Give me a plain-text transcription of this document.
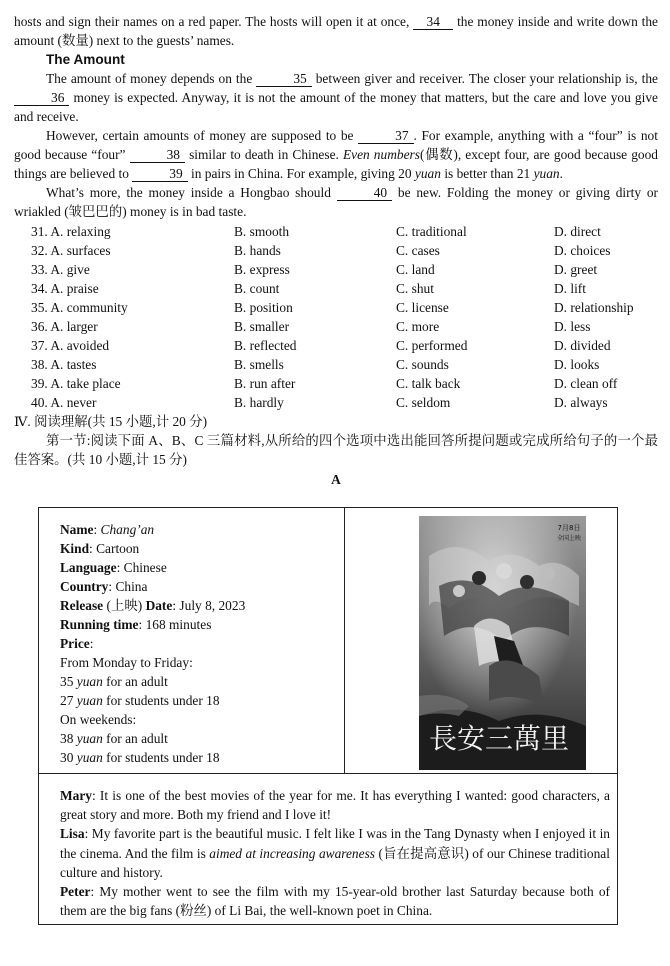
hosts and sign their names on a red paper. The hosts will open it at once, 34 the money inside and write down the amount (数量) next to the guests’ names.

The Amount

The amount of money depends on the	35 between giver and receiver. The closer your relationship is, the 36 money is expected. Anyway, it is not the amount of the money that matters, but the care and love you give and receive.

However, certain amounts of money are supposed to be	37 . For example, anything with a “four” is not good because “four”	38 similar to death in Chinese. Even numbers(偶数), except four, are good because good things are believed to	39 in pairs in China. For example, giving 20 yuan is better than 21 yuan.

What’s more, the money inside a Hongbao should	40 be new. Folding the money or giving dirty or wriakled (皱巴巴的) money is in bad taste.

31. A. relaxing	B. smooth	C. traditional	D. direct
32. A. surfaces	B. hands	C. cases	D. choices
33. A. give	B. express	C. land	D. greet
34. A. praise	B. count	C. shut	D. lift
35. A. community	B. position	C. license	D. relationship
36. A. larger	B. smaller	C. more	D. less
37. A. avoided	B. reflected	C. performed	D. divided
38. A. tastes	B. smells	C. sounds	D. looks
39. A. take place	B. run after	C. talk back	D. clean off
40. A. never	B. hardly	C. seldom	D. always

Ⅳ. 阅读理解(共 15 小题,计 20 分)

第一节:阅读下面 A、B、C 三篇材料,从所给的四个选项中选出能回答所提问题或完成所给句子的一个最佳答案。(共 10 小题,计 15 分)

A

Name: Chang’an
Kind: Cartoon
Language: Chinese
Country: China
Release (上映) Date: July 8, 2023
Running time: 168 minutes
Price:
From Monday to Friday:
35 yuan for an adult
27 yuan for students under 18
On weekends:
38 yuan for an adult
30 yuan for students under 18
7月8日
全国上映
長安三萬里

Mary: It is one of the best movies of the year for me. It has everything I wanted: good characters, a great story and more. Both my friend and I love it!

Lisa: My favorite part is the beautiful music. I felt like I was in the Tang Dynasty when I enjoyed it in the cinema. And the film is aimed at increasing awareness (旨在提高意识) of our Chinese traditional culture and history.

Peter: My mother went to see the film with my 15-year-old brother last Saturday because both of them are the big fans (粉丝) of Li Bai, the well-known poet in China.
